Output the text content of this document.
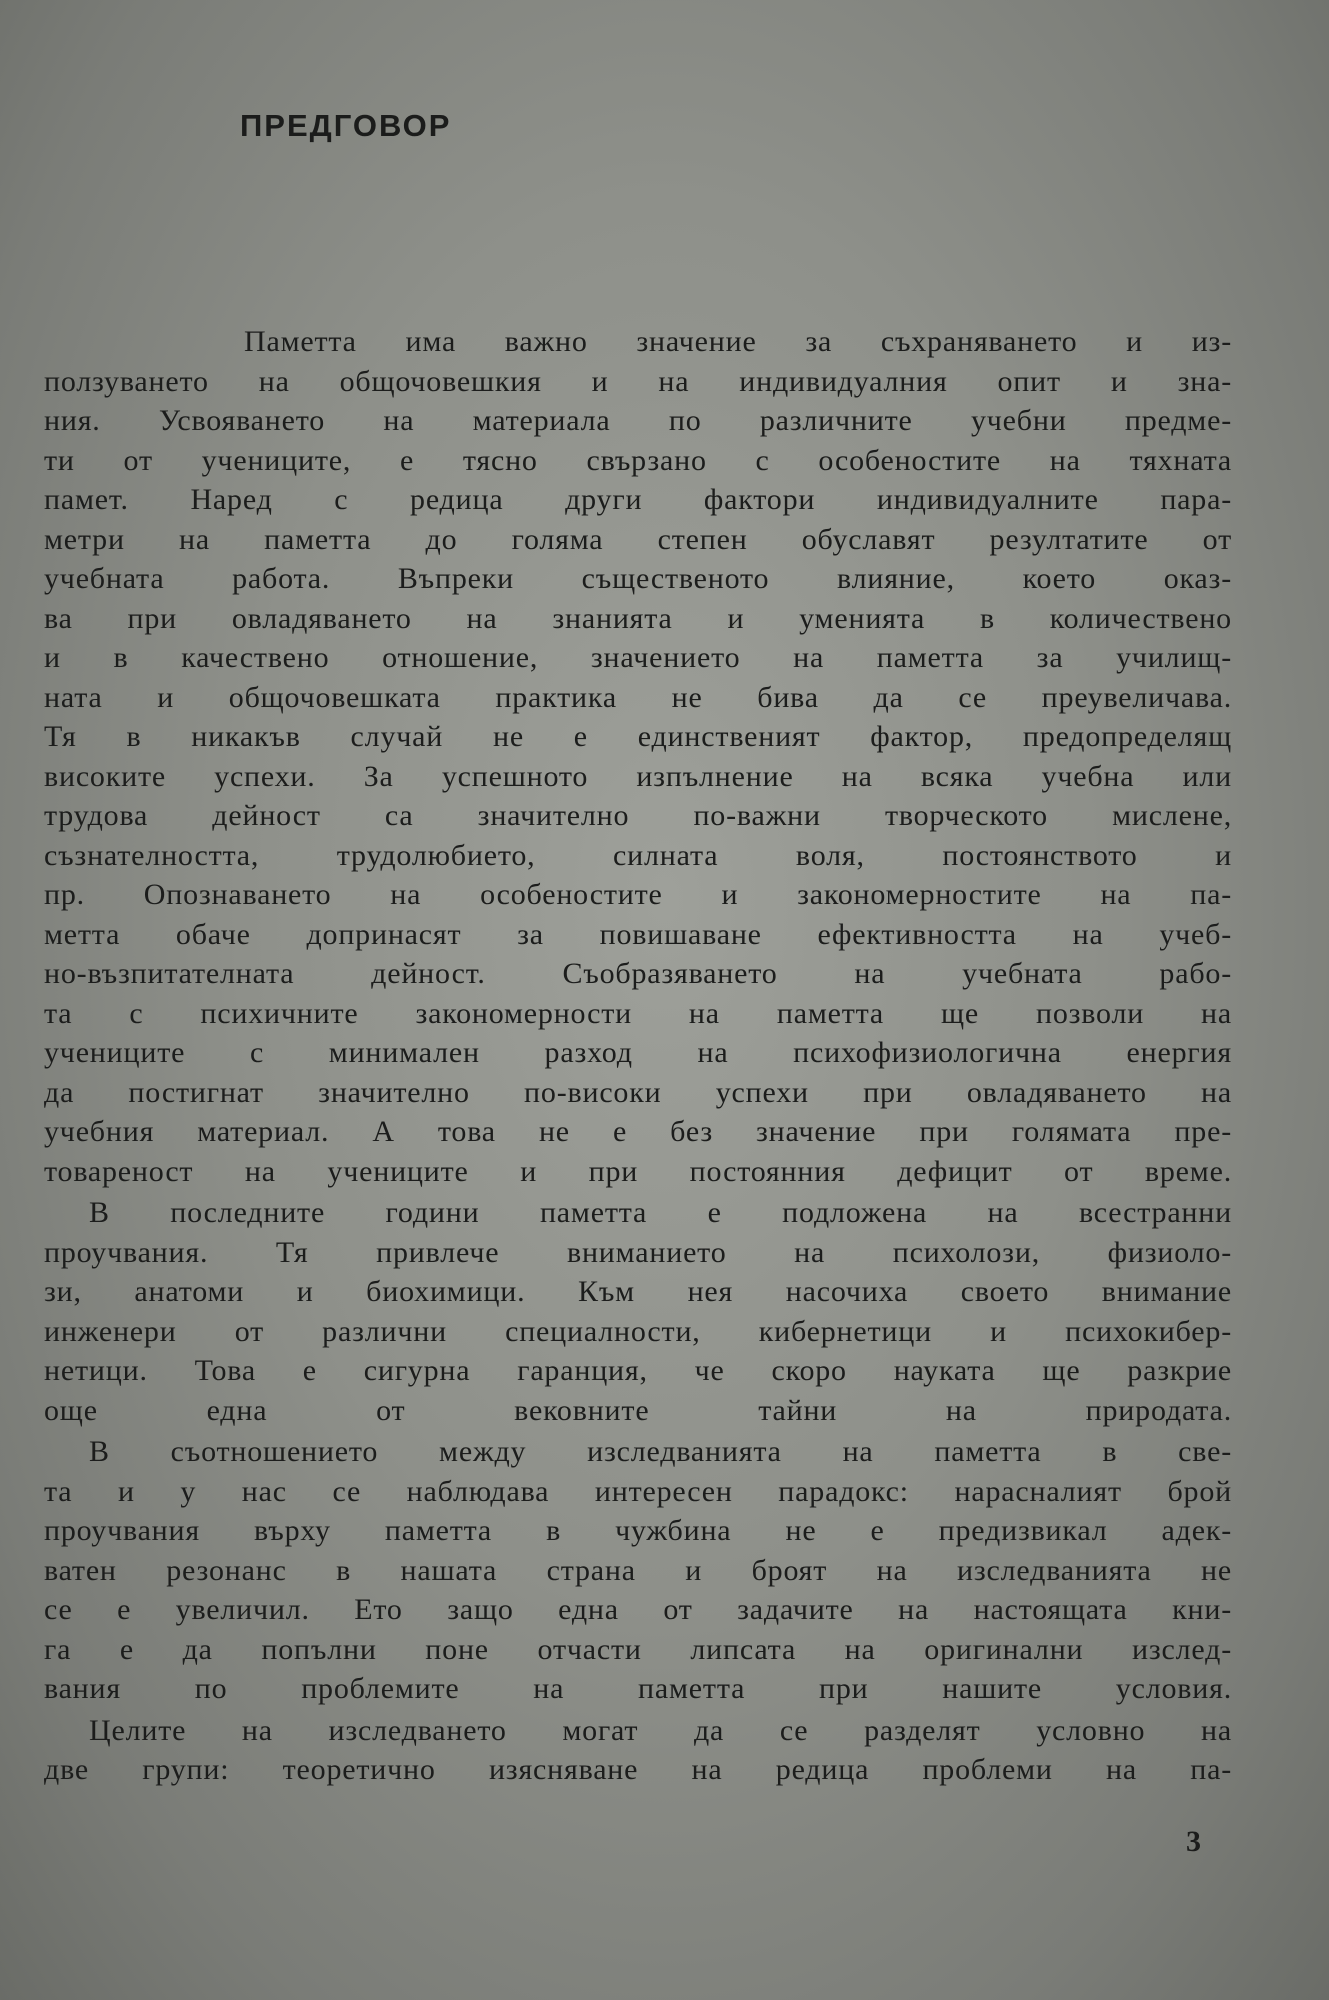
ПРЕДГОВОР

Паметта има важно значение за съхраняването и из-
ползуването на общочовешкия и на индивидуалния опит и зна-
ния. Усвояването на материала по различните учебни предме-
ти от учениците, е тясно свързано с особеностите на тяхната
памет. Наред с редица други фактори индивидуалните пара-
метри на паметта до голяма степен обуславят резултатите от
учебната работа. Въпреки същественото влияние, което оказ-
ва при овладяването на знанията и уменията в количествено
и в качествено отношение, значението на паметта за училищ-
ната и общочовешката практика не бива да се преувеличава.
Тя в никакъв случай не е единственият фактор, предопределящ
високите успехи. За успешното изпълнение на всяка учебна или
трудова дейност са значително по-важни творческото мислене,
съзнателността, трудолюбието, силната воля, постоянството и
пр. Опознаването на особеностите и закономерностите на па-
метта обаче допринасят за повишаване ефективността на учеб-
но-възпитателната дейност. Съобразяването на учебната рабо-
та с психичните закономерности на паметта ще позволи на
учениците с минимален разход на психофизиологична енергия
да постигнат значително по-високи успехи при овладяването на
учебния материал. А това не е без значение при голямата пре-
товареност на учениците и при постоянния дефицит от време.

В последните години паметта е подложена на всестранни
проучвания. Тя привлече вниманието на психолози, физиоло-
зи, анатоми и биохимици. Към нея насочиха своето внимание
инженери от различни специалности, кибернетици и психокибер-
нетици. Това е сигурна гаранция, че скоро науката ще разкрие
още една от вековните тайни на природата.

В съотношението между изследванията на паметта в све-
та и у нас се наблюдава интересен парадокс: нарасналият брой
проучвания върху паметта в чужбина не е предизвикал адек-
ватен резонанс в нашата страна и броят на изследванията не
се е увеличил. Ето защо една от задачите на настоящата кни-
га е да попълни поне отчасти липсата на оригинални изслед-
вания по проблемите на паметта при нашите условия.

Целите на изследването могат да се разделят условно на
две групи: теоретично изясняване на редица проблеми на па-

3
